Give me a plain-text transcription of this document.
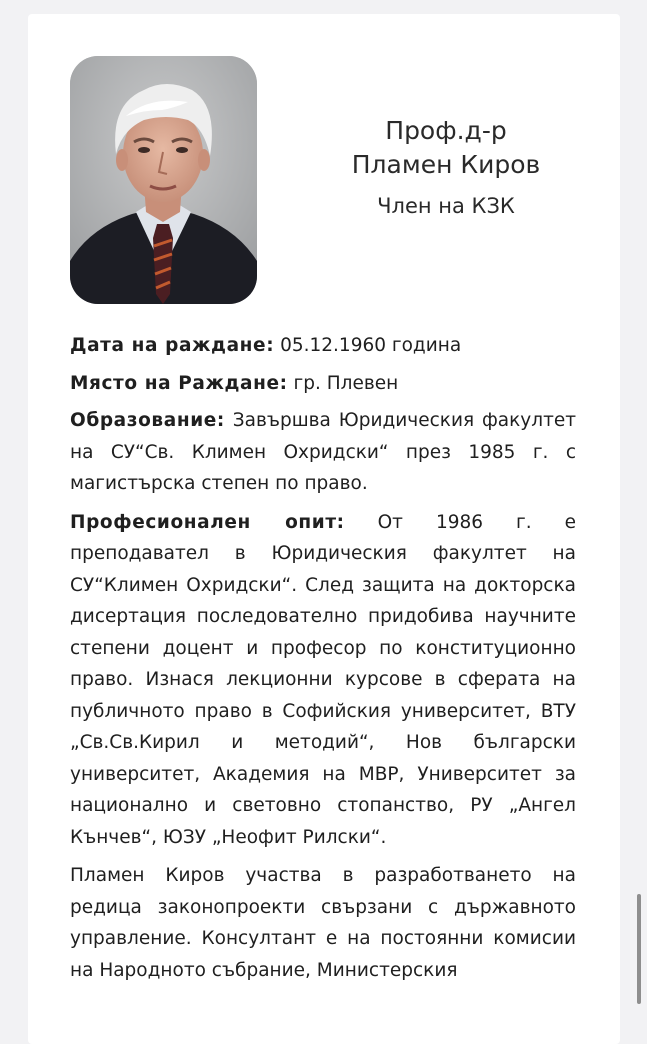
Проф.д-р Пламен Киров
Член на КЗК

Дата на раждане: 05.12.1960 година

Място на Раждане: гр. Плевен

Образование: Завършва Юридическия факултет на СУ“Св. Климен Охридски“ през 1985 г. с магистърска степен по право.

Професионален опит: От 1986 г. е преподавател в Юридическия факултет на СУ“Климен Охридски“. След защита на докторска дисертация последователно придобива научните степени доцент и професор по конституционно право. Изнася лекционни курсове в сферата на публичното право в Софийския университет, ВТУ „Св.Св.Кирил и методий“, Нов български университет, Академия на МВР, Университет за национално и световно стопанство, РУ „Ангел Кънчев“, ЮЗУ „Неофит Рилски“.

Пламен Киров участва в разработването на редица законопроекти свързани с държавното управление. Консултант е на постоянни комисии на Народното събрание, Министерския
